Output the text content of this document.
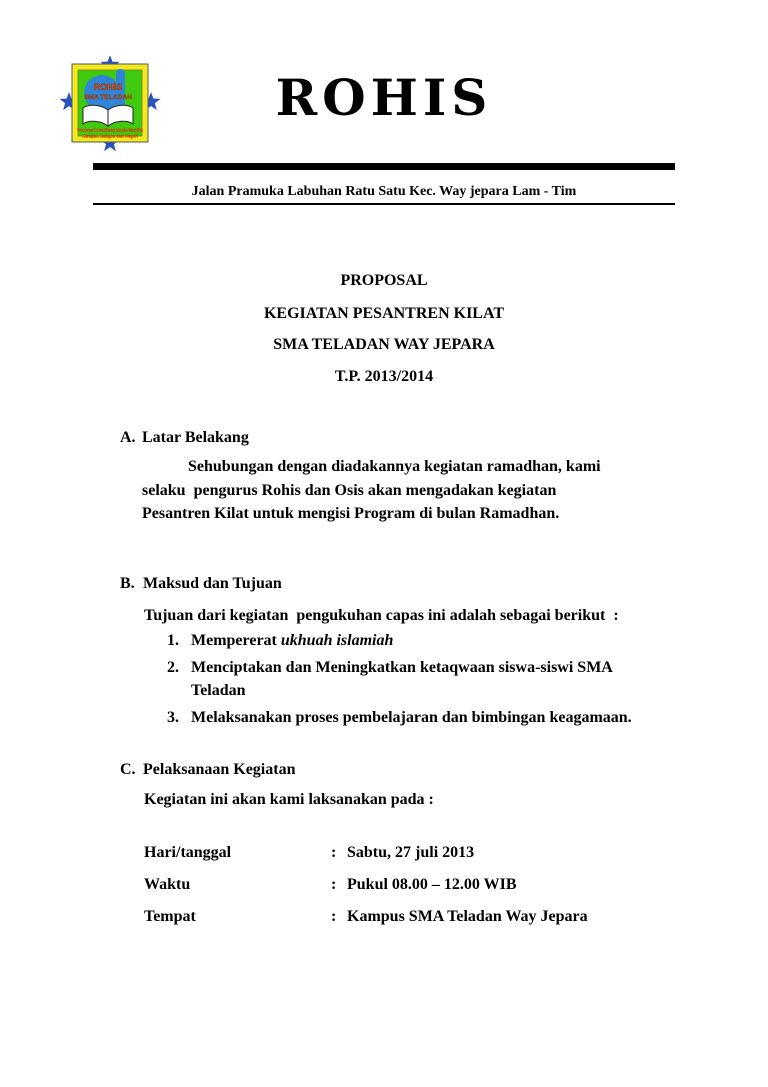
ROHIS
SMA TELADAN
Generasi Gemilang Muda Muslim
Harapan Bangsa dan Negeri
ROHIS

Jalan Pramuka Labuhan Ratu Satu Kec. Way jepara Lam - Tim
PROPOSAL
KEGIATAN PESANTREN KILAT
SMA TELADAN WAY JEPARA
T.P. 2013/2014
A. Latar Belakang
Sehubungan dengan diadakannya kegiatan ramadhan, kami
selaku  pengurus Rohis dan Osis akan mengadakan kegiatan
Pesantren Kilat untuk mengisi Program di bulan Ramadhan.
B. Maksud dan Tujuan
Tujuan dari kegiatan  pengukuhan capas ini adalah sebagai berikut  :
1. Mempererat ukhuah islamiah
2. Menciptakan dan Meningkatkan ketaqwaan siswa-siswi SMA
Teladan
3. Melaksanakan proses pembelajaran dan bimbingan keagamaan.
C. Pelaksanaan Kegiatan
Kegiatan ini akan kami laksanakan pada :
Hari/tanggal	: Sabtu, 27 juli 2013
Waktu	: Pukul 08.00 – 12.00 WIB
Tempat	: Kampus SMA Teladan Way Jepara
